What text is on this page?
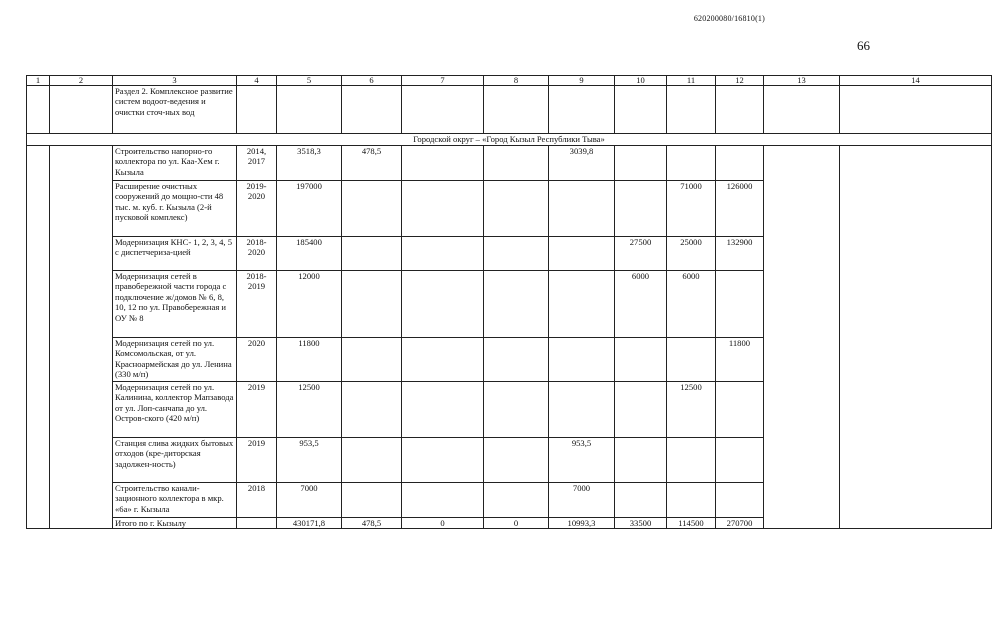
620200080/16810(1)
66
1	2	3	4	5	6	7	8	9	10	11	12	13	14
		Раздел 2. Комплексное развитие систем водоот-ведения и очистки сточ-ных вод											
Городской округ – «Город Кызыл Республики Тыва»													
		Строительство напорно-го коллектора по ул. Каа-Хем г. Кызыла	2014, 2017	3518,3	478,5			3039,8					
		Расширение очистных сооружений до мощно-сти 48 тыс. м. куб. г. Кызыла (2-й пусковой комплекс)	2019-2020	197000						71000	126000		
		Модернизация КНС- 1, 2, 3, 4, 5 с диспетчериза-цией	2018-2020	185400					27500	25000	132900		
		Модернизация сетей в правобережной части города с подключение ж/домов № 6, 8, 10, 12 по ул. Правобережная и ОУ № 8	2018-2019	12000					6000	6000			
		Модернизация сетей по ул. Комсомольская, от ул. Красноармейская до ул. Ленина (330 м/п)	2020	11800							11800		
		Модернизация сетей по ул. Калинина, коллектор Мапзавода от ул. Лоп-санчапа до ул. Остров-ского (420 м/п)	2019	12500						12500			
		Станция слива жидких бытовых отходов (кре-диторская задолжен-ность)	2019	953,5				953,5					
		Строительство канали-зационного коллектора в мкр. «6а» г. Кызыла	2018	7000				7000					
		Итого по г. Кызылу		430171,8	478,5	0	0	10993,3	33500	114500	270700		
